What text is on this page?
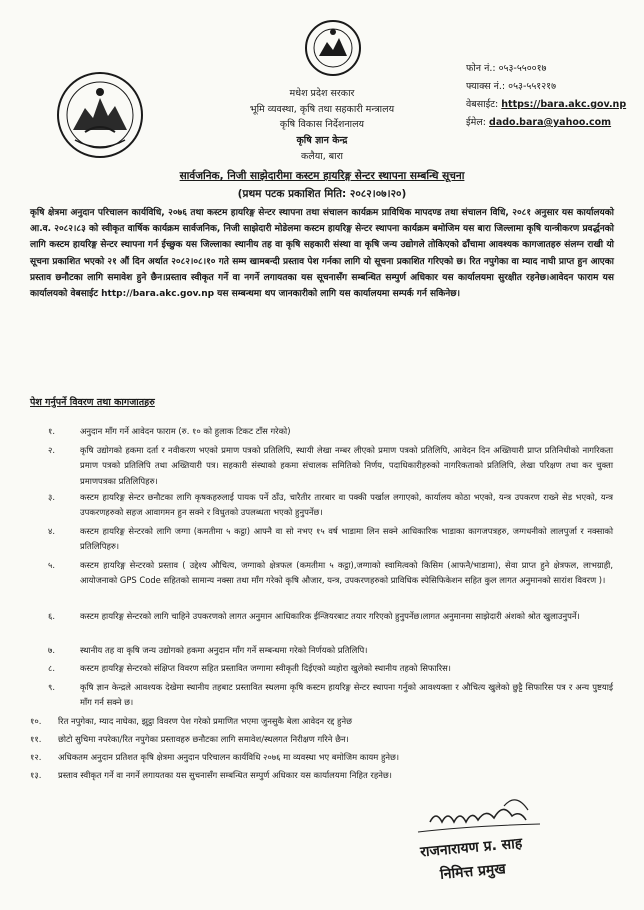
मधेश प्रदेश सरकार
भूमि व्यवस्था, कृषि तथा सहकारी मन्त्रालय
कृषि विकास निर्देशनालय
कृषि ज्ञान केन्द्र
कलैया, बारा
फोन नं.: ०५३-५५००१७
फ्याक्स नं.: ०५३-५५१२१७
वेबसाईट: https://bara.akc.gov.np
ईमेल: dado.bara@yahoo.com
सार्वजनिक, निजी साझेदारीमा कस्टम हायरिङ्ग सेन्टर स्थापना सम्बन्धि सूचना
(प्रथम पटक प्रकाशित मिति: २०८२।०७।२०)
कृषि क्षेत्रमा अनुदान परिचालन कार्यविधि, २०७६ तथा कस्टम हायरिङ्ग सेन्टर स्थापना तथा संचालन कार्यक्रम प्राविधिक मापदण्ड तथा संचालन विधि, २०८१ अनुसार यस कार्यालयको आ.व. २०८२।८३ को स्वीकृत वार्षिक कार्यक्रम सार्वजनिक, निजी साझेदारी मोडेलमा कस्टम हायरिङ्ग सेन्टर स्थापना कार्यक्रम बमोजिम यस बारा जिल्लामा कृषि यान्त्रीकरण प्रवर्द्धनको लागि कस्टम हायरिङ्ग सेन्टर स्थापना गर्न ईच्छुक यस जिल्लाका स्थानीय तह वा कृषि सहकारी संस्था वा कृषि जन्य उद्योगले तोकिएको ढाँचामा आवश्यक कागजातहरु संलग्न राखी यो सूचना प्रकाशित भएको २१ औं दिन अर्थात २०८२।०८।१० गते सम्म खामबन्दी प्रस्ताव पेश गर्नका लागि यो सूचना प्रकाशित गरिएको छ। रित नपुगेका वा म्याद नाघी प्राप्त हुन आएका प्रस्ताव छनौटका लागि समावेश हुने छैन।प्रस्ताव स्वीकृत गर्ने वा नगर्ने लगायतका यस सूचनासँग सम्बन्धित सम्पुर्ण अधिकार यस कार्यालयमा सुरक्षीत रहनेछ।आवेदन फाराम यस कार्यालयको वेबसाईट http://bara.akc.gov.np यस सम्बन्धमा थप जानकारीको लागि यस कार्यालयमा सम्पर्क गर्न सकिनेछ।
पेश गर्नुपर्ने विवरण तथा कागजातहरु
१.	अनुदान माँग गर्ने आवेदन फाराम (रु. १० को हुलाक टिकट टाँस गरेको)
२.	कृषि उद्योगको हकमा दर्ता र नवीकरण भएको प्रमाण पत्रको प्रतिलिपि, स्थायी लेखा नम्बर लीएको प्रमाण पत्रको प्रतिलिपि, आवेदन दिन अख्तियारी प्राप्त प्रतिनिधीको नागरिकता प्रमाण पत्रको प्रतिलिपि तथा अख्तियारी पत्र। सहकारी संस्थाको हकमा संचालक समितिको निर्णय, पदाधिकारीहरुको नागरिकताको प्रतिलिपि, लेखा परिक्षण तथा कर चुक्ता प्रमाणपत्रका प्रतिलिपिहरु।
३.	कस्टम हायरिङ्ग सेन्टर छनौटका लागि कृषकहरुलाई पायक पर्ने ठाँउ, चारैतीर तारबार वा पक्की पर्खाल लगाएको, कार्यालय कोठा भएको, यन्त्र उपकरण राख्ने सेड भएको, यन्त्र उपकरणहरुको सहज आवागमन हुन सक्ने र विधुतको उपलब्धता भएको हुनुपर्नेछ।
४.	कस्टम हायरिङ्ग सेन्टरको लागि जग्गा (कमतीमा ५ कट्ठा) आफ्नै वा सो नभए १५ वर्ष भाडामा लिन सक्ने आधिकारिक भाडाका कागजपत्रहरु, जग्गधनीको लालपुर्जा र नक्साको प्रतिलिपिहरु।
५.	कस्टम हायरिङ्ग सेन्टरको प्रस्ताव ( उद्देश्य औचित्य, जग्गाको क्षेत्रफल (कमतीमा ५ कट्ठा),जग्गाको स्वामित्वको किसिम (आफनै/भाडामा), सेवा प्राप्त हुने क्षेत्रफल, लाभग्राही, आयोजनाको GPS Code सहितको सामान्य नक्सा तथा माँग गरेको कृषि औजार, यन्त्र, उपकरणहरुको प्राविधिक स्पेसिफिकेशन सहित कुल लागत अनुमानको सारांश विवरण )।
६.	कस्टम हायरिङ्ग सेन्टरको लागि चाहिने उपकरणको लागत अनुमान आधिकारिक ईन्जियरबाट तयार गरिएको हुनुपर्नेछ।लागत अनुमानमा साझेदारी अंशको श्रोत खुलाउनुपर्ने।
७.	स्थानीय तह वा कृषि जन्य उद्योगको हकमा अनुदान माँग गर्ने सम्बन्धमा गरेको निर्णयको प्रतिलिपि।
८.	कस्टम हायरिङ्ग सेन्टरको संक्षिप्त विवरण सहित प्रस्तावित जग्गामा स्वीकृती दिईएको व्यहोरा खुलेको स्थानीय तहको सिफारिस।
९.	कृषि ज्ञान केन्द्रले आवश्यक देखेमा स्थानीय तहबाट प्रस्तावित स्थलमा कृषि कस्टम हायरिङ्ग सेन्टर स्थापना गर्नुको आवश्यक्ता र औचित्य खुलेको छुट्टै सिफारिस पत्र र अन्य पुष्टयाई माँग गर्न सक्ने छ।
१०.	रित नपुगेका, म्याद नाघेका, झुट्ठा विवरण पेश गरेको प्रमाणित भएमा जुनसुकै बेला आवेदन रद्द हुनेछ
११.	छोटो सुचिमा नपरेका/रित नपुगेका प्रस्तावहरु छनौटका लागि समावेश/स्थलगत निरीक्षण गरिने छैन।
१२.	अधिकतम अनुदान प्रतिशत कृषि क्षेत्रमा अनुदान परिचालन कार्यविधि २०७६ मा व्यवस्था भए बमोजिम कायम हुनेछ।
१३.	प्रस्ताव स्वीकृत गर्ने वा नगर्ने लगायतका यस सुचनासँग सम्बन्धित सम्पुर्ण अधिकार यस कार्यालयमा निहित रहनेछ।
राजनारायण प्र. साह
निमित्त प्रमुख
